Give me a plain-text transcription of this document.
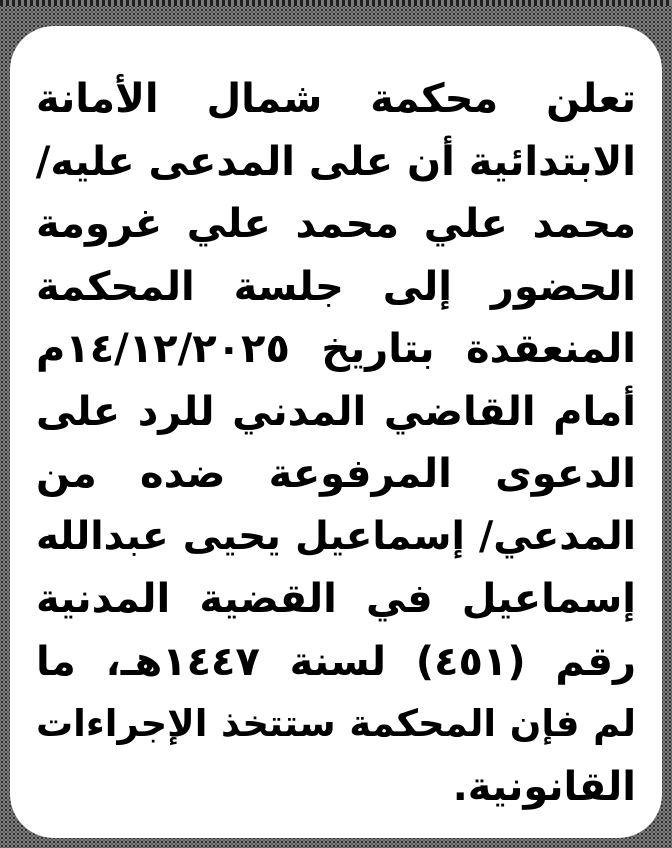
تعلن محكمة شمال الأمانة
الابتدائية أن على المدعى عليه/
محمد علي محمد علي غرومة
الحضور إلى جلسة المحكمة
المنعقدة بتاريخ ١٤/١٢/٢٠٢٥م
أمام القاضي المدني للرد على
الدعوى المرفوعة ضده من
المدعي/ إسماعيل يحيى عبدالله
إسماعيل في القضية المدنية
رقم (٤٥١) لسنة ١٤٤٧هـ، ما
لم فإن المحكمة ستتخذ الإجراءات
القانونية.
